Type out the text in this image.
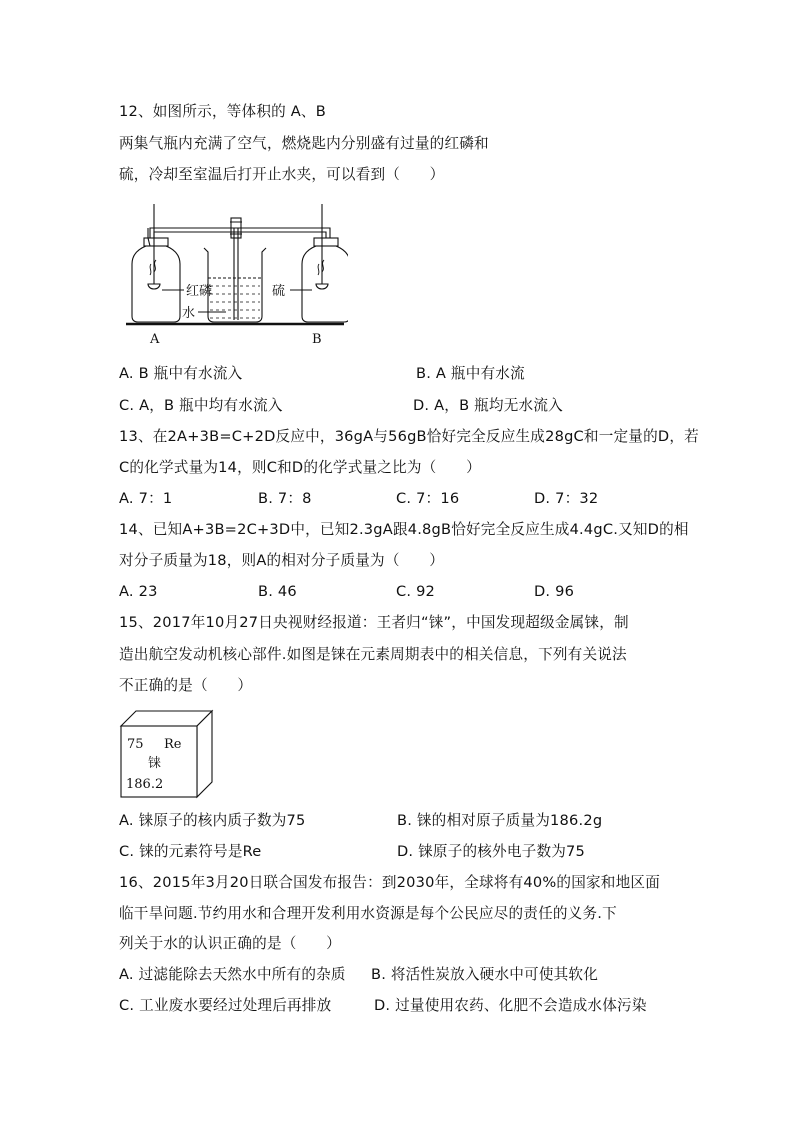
12、如图所示，等体积的 A、B
两集气瓶内充满了空气，燃烧匙内分别盛有过量的红磷和
硫，冷却至室温后打开止水夹，可以看到（　　）
红磷
水
硫
A	B
A. B 瓶中有水流入	B. A 瓶中有水流
C. A，B 瓶中均有水流入	D. A，B 瓶均无水流入
13、在2A+3B=C+2D反应中，36gA与56gB恰好完全反应生成28gC和一定量的D，若
C的化学式量为14，则C和D的化学式量之比为（　　）
A. 7：1	B. 7：8	C. 7：16	D. 7：32
14、已知A+3B=2C+3D中，已知2.3gA跟4.8gB恰好完全反应生成4.4gC.又知D的相
对分子质量为18，则A的相对分子质量为（　　）
A. 23	B. 46	C. 92	D. 96
15、2017年10月27日央视财经报道：王者归“铼”，中国发现超级金属铼，制
造出航空发动机核心部件.如图是铼在元素周期表中的相关信息，下列有关说法
不正确的是（　　）
75 Re
铼
186.2
A. 铼原子的核内质子数为75	B. 铼的相对原子质量为186.2g
C. 铼的元素符号是Re	D. 铼原子的核外电子数为75
16、2015年3月20日联合国发布报告：到2030年，全球将有40%的国家和地区面
临干旱问题.节约用水和合理开发利用水资源是每个公民应尽的责任的义务.下
列关于水的认识正确的是（　　）
A. 过滤能除去天然水中所有的杂质 B. 将活性炭放入硬水中可使其软化
C. 工业废水要经过处理后再排放	D. 过量使用农药、化肥不会造成水体污染
